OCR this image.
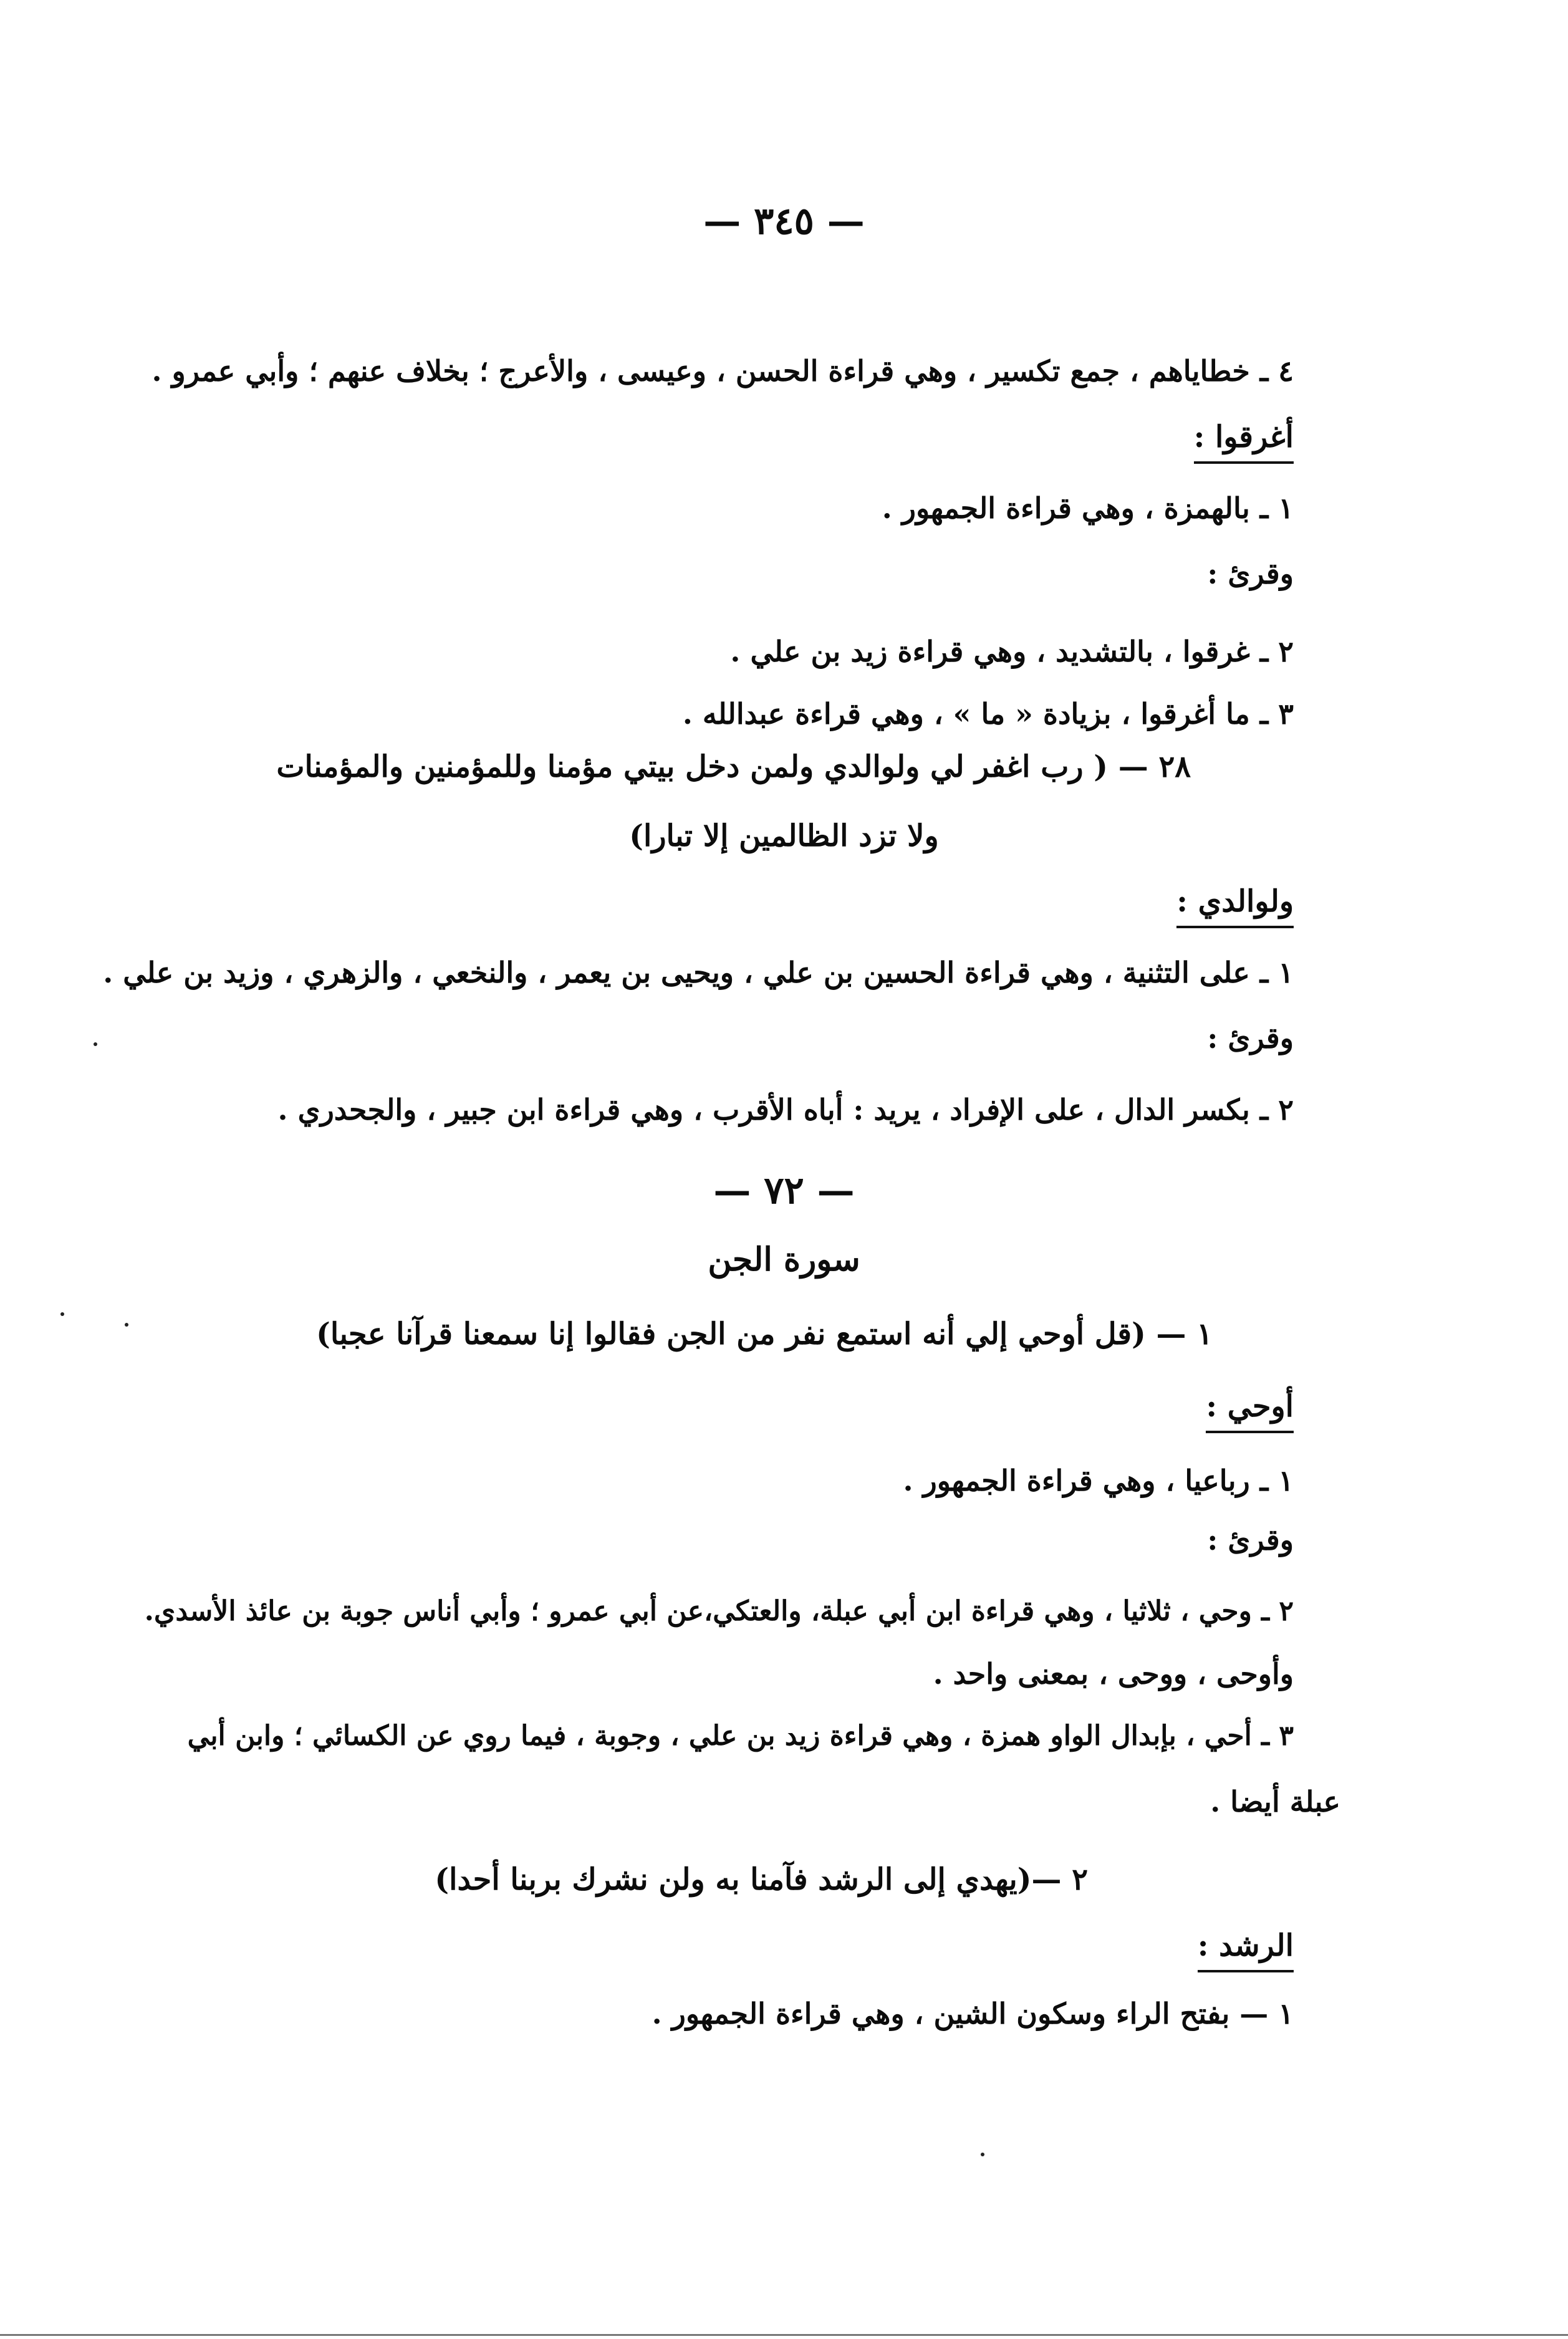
— ٣٤٥ —
٤ ـ خطاياهم ، جمع تكسير ، وهي قراءة الحسن ، وعيسى ، والأعرج ؛ بخلاف عنهم ؛ وأبي عمرو .
أغرقوا :
١ ـ بالهمزة ، وهي قراءة الجمهور .
وقرئ :
٢ ـ غرقوا ، بالتشديد ، وهي قراءة زيد بن علي .
٣ ـ ما أغرقوا ، بزيادة « ما » ، وهي قراءة عبدالله .
٢٨ — ( رب اغفر لي ولوالدي ولمن دخل بيتي مؤمنا وللمؤمنين والمؤمنات
ولا تزد الظالمين إلا تبارا)
ولوالدي :
١ ـ على التثنية ، وهي قراءة الحسين بن علي ، ويحيى بن يعمر ، والنخعي ، والزهري ، وزيد بن علي .
وقرئ :
٢ ـ بكسر الدال ، على الإفراد ، يريد : أباه الأقرب ، وهي قراءة ابن جبير ، والجحدري .
— ٧٢ —
سورة الجن
١ — (قل أوحي إلي أنه استمع نفر من الجن فقالوا إنا سمعنا قرآنا عجبا)
أوحي :
١ ـ رباعيا ، وهي قراءة الجمهور .
وقرئ :
٢ ـ وحي ، ثلاثيا ، وهي قراءة ابن أبي عبلة، والعتكي،عن أبي عمرو ؛ وأبي أناس جوبة بن عائذ الأسدي.
وأوحى ، ووحى ، بمعنى واحد .
٣ ـ أحي ، بإبدال الواو همزة ، وهي قراءة زيد بن علي ، وجوبة ، فيما روي عن الكسائي ؛ وابن أبي
عبلة أيضا .
٢ —(يهدي إلى الرشد فآمنا به ولن نشرك بربنا أحدا)
الرشد :
١ — بفتح الراء وسكون الشين ، وهي قراءة الجمهور .
